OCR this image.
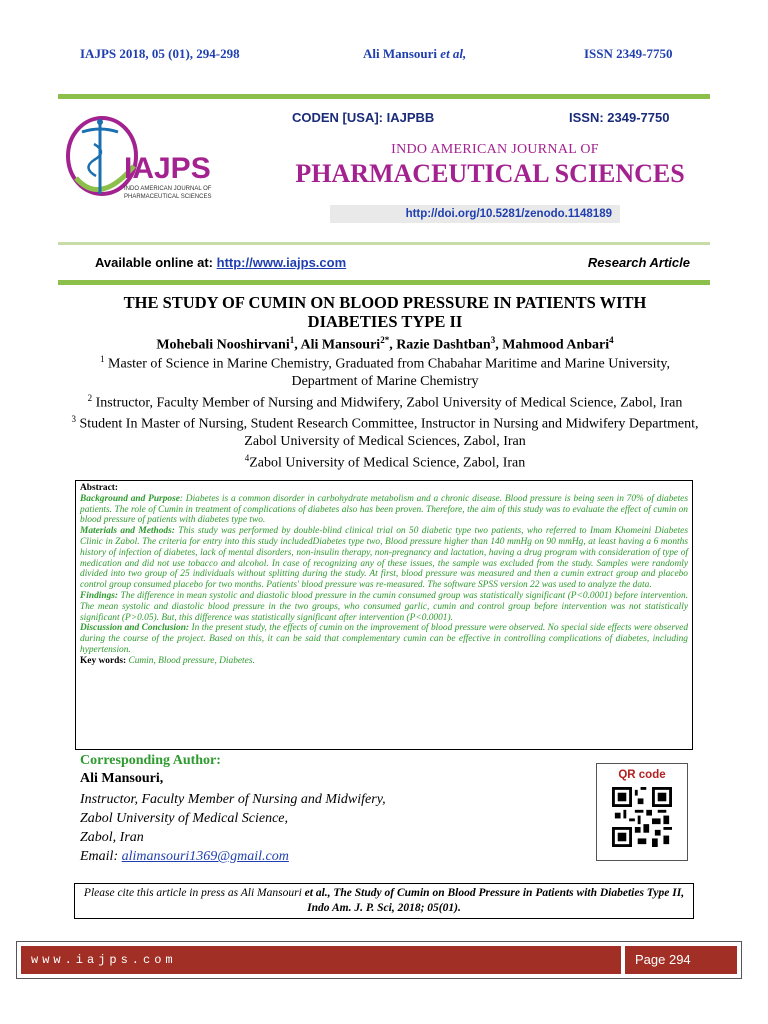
IAJPS 2018, 05 (01), 294-298	Ali Mansouri et al,	ISSN 2349-7750
IAJPS
INDO AMERICAN JOURNAL OF
PHARMACEUTICAL SCIENCES
CODEN [USA]: IAJPBB	ISSN: 2349-7750
INDO AMERICAN JOURNAL OF
PHARMACEUTICAL SCIENCES
http://doi.org/10.5281/zenodo.1148189
Available online at: http://www.iajps.com	Research Article
THE STUDY OF CUMIN ON BLOOD PRESSURE IN PATIENTS WITH
DIABETIES TYPE II
Mohebali Nooshirvani$^1$, Ali Mansouri$^{2*}$, Razie Dashtban$^3$, Mahmood Anbari$^4$
$^1$ Master of Science in Marine Chemistry, Graduated from Chabahar Maritime and Marine University, Department of Marine Chemistry
$^2$ Instructor, Faculty Member of Nursing and Midwifery, Zabol University of Medical Science, Zabol, Iran
$^3$ Student In Master of Nursing, Student Research Committee, Instructor in Nursing and Midwifery Department, Zabol University of Medical Sciences, Zabol, Iran
$^4$Zabol University of Medical Science, Zabol, Iran
Abstract:
Background and Purpose: Diabetes is a common disorder in carbohydrate metabolism and a chronic disease. Blood pressure is being seen in 70% of diabetes patients. The role of Cumin in treatment of complications of diabetes also has been proven. Therefore, the aim of this study was to evaluate the effect of cumin on blood pressure of patients with diabetes type two.
Materials and Methods: This study was performed by double-blind clinical trial on 50 diabetic type two patients, who referred to Imam Khomeini Diabetes Clinic in Zabol. The criteria for entry into this study includedDiabetes type two, Blood pressure higher than 140 mmHg on 90 mmHg, at least having a 6 months history of infection of diabetes, lack of mental disorders, non-insulin therapy, non-pregnancy and lactation, having a drug program with consideration of type of medication and did not use tobacco and alcohol. In case of recognizing any of these issues, the sample was excluded from the study. Samples were randomly divided into two group of 25 individuals without splitting during the study. At first, blood pressure was measured and then a cumin extract group and placebo control group consumed placebo for two months. Patients' blood pressure was re-measured. The software SPSS version 22 was used to analyze the data.
Findings: The difference in mean systolic and diastolic blood pressure in the cumin consumed group was statistically significant (P<0.0001) before intervention. The mean systolic and diastolic blood pressure in the two groups, who consumed garlic, cumin and control group before intervention was not statistically significant (P>0.05). But, this difference was statistically significant after intervention (P<0.0001).
Discussion and Conclusion: In the present study, the effects of cumin on the improvement of blood pressure were observed. No special side effects were observed during the course of the project. Based on this, it can be said that complementary cumin can be effective in controlling complications of diabetes, including hypertension.
Key words: Cumin, Blood pressure, Diabetes.
Corresponding Author:
Ali Mansouri,
Instructor, Faculty Member of Nursing and Midwifery,
Zabol University of Medical Science,
Zabol, Iran
Email: alimansouri1369@gmail.com
QR code
Please cite this article in press as Ali Mansouri et al., The Study of Cumin on Blood Pressure in Patients with Diabeties Type II, Indo Am. J. P. Sci, 2018; 05(01).
www.iajps.com	Page 294
